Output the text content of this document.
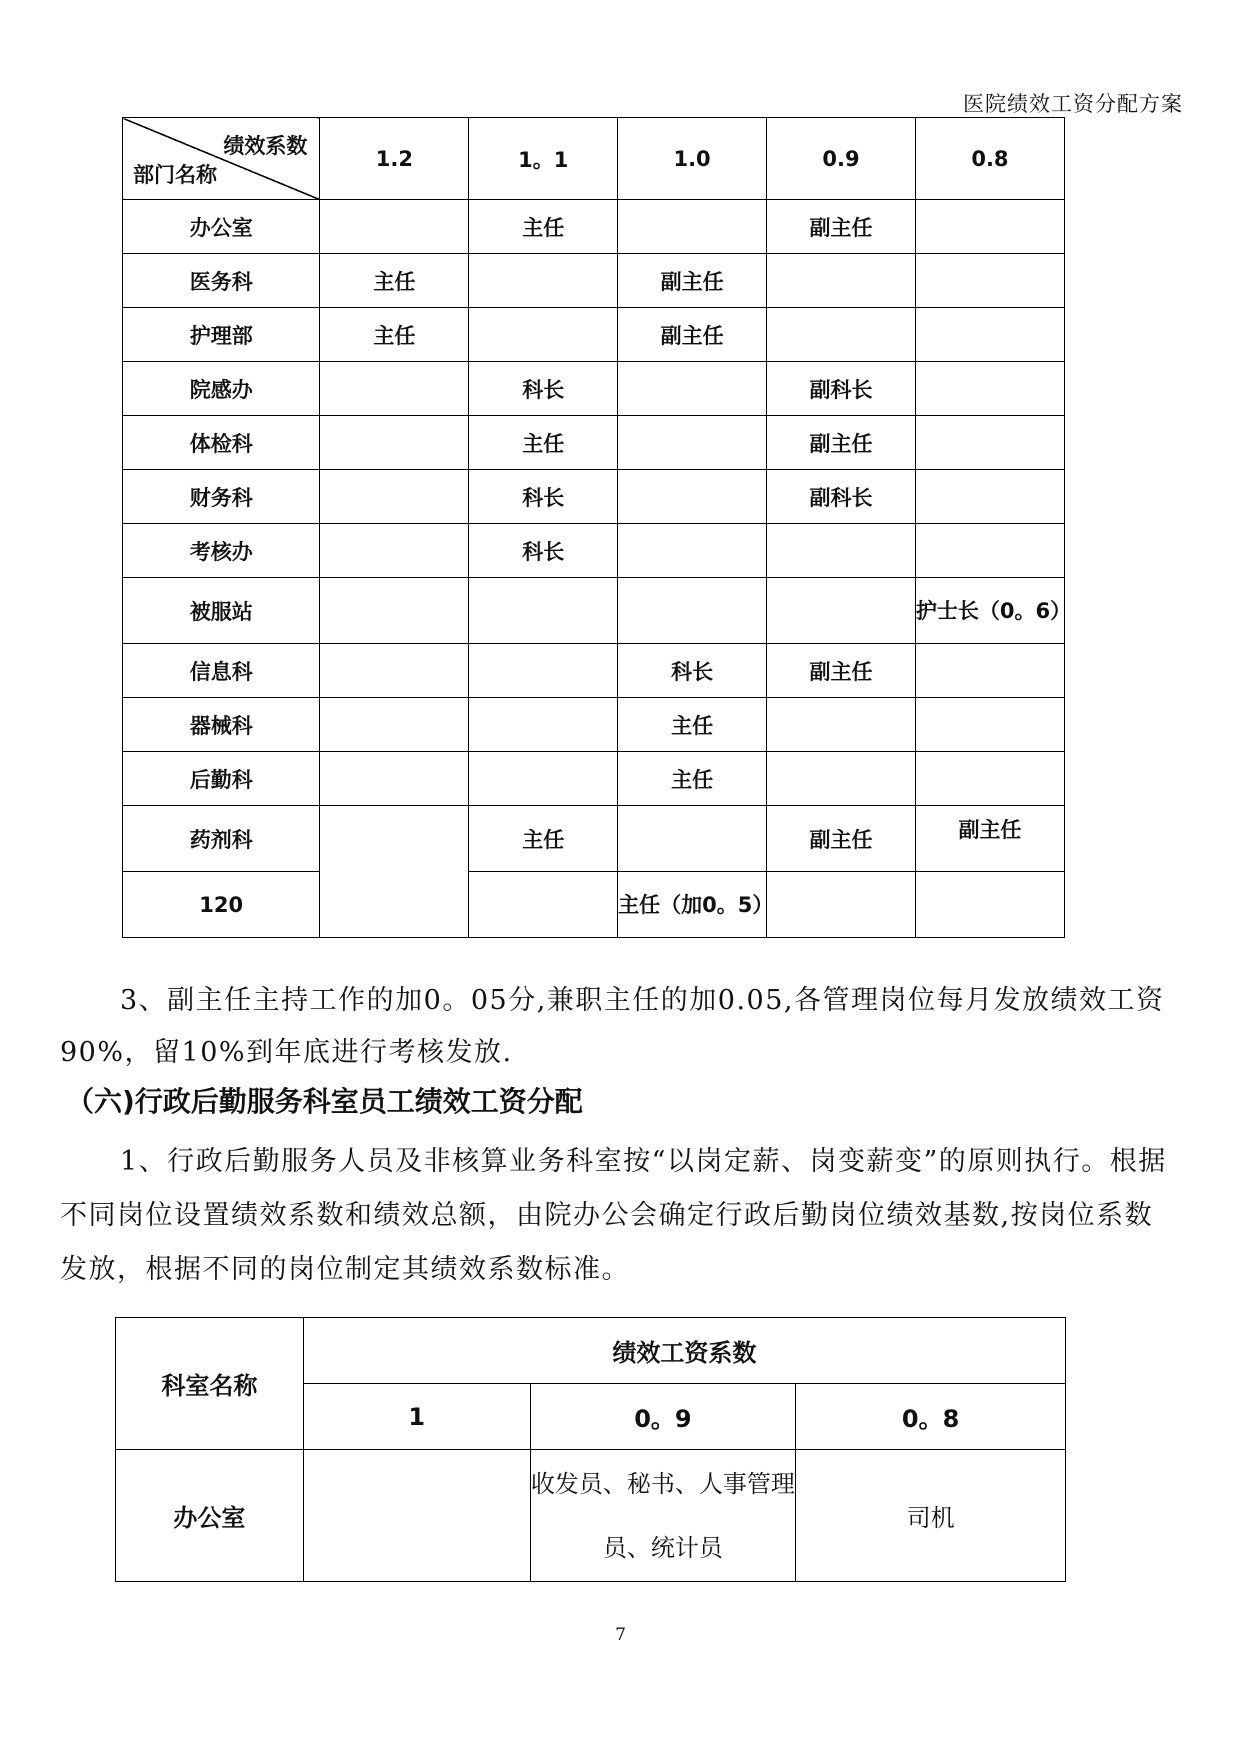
医院绩效工资分配方案
绩效系数
部门名称	1.2	1。1	1.0	0.9	0.8
办公室		主任		副主任	
医务科	主任		副主任		
护理部	主任		副主任		
院感办		科长		副科长	
体检科		主任		副主任	
财务科		科长		副科长	
考核办		科长			
被服站					护士长（0。6）
信息科			科长	副主任	
器械科			主任		
后勤科			主任		
药剂科		主任		副主任	副主任
120			主任（加0。5）		
3、副主任主持工作的加0。05分,兼职主任的加0.05,各管理岗位每月发放绩效工资90%，留10%到年底进行考核发放.
（六)行政后勤服务科室员工绩效工资分配
1、行政后勤服务人员及非核算业务科室按“以岗定薪、岗变薪变”的原则执行。根据不同岗位设置绩效系数和绩效总额，由院办公会确定行政后勤岗位绩效基数,按岗位系数发放，根据不同的岗位制定其绩效系数标准。
科室名称	绩效工资系数		
	1	0。9	0。8
办公室		收发员、秘书、人事管理员、统计员	司机
7
